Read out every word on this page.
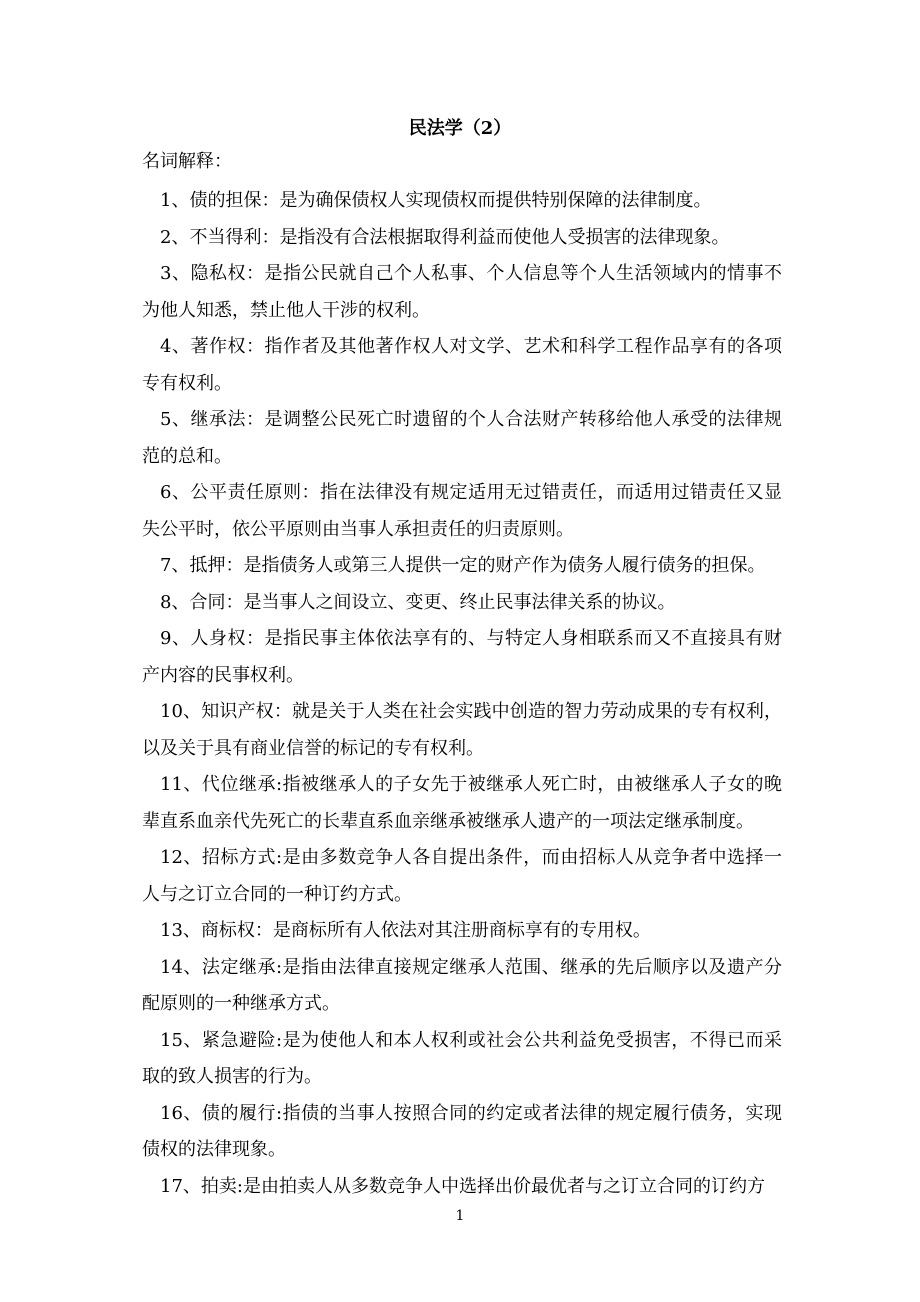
民法学（2）
名词解释：

1、债的担保：是为确保债权人实现债权而提供特别保障的法律制度。

2、不当得利：是指没有合法根据取得利益而使他人受损害的法律现象。

3、隐私权：是指公民就自己个人私事、个人信息等个人生活领域内的情事不为他人知悉，禁止他人干涉的权利。

4、著作权：指作者及其他著作权人对文学、艺术和科学工程作品享有的各项专有权利。

5、继承法：是调整公民死亡时遗留的个人合法财产转移给他人承受的法律规范的总和。

6、公平责任原则：指在法律没有规定适用无过错责任，而适用过错责任又显失公平时，依公平原则由当事人承担责任的归责原则。

7、抵押：是指债务人或第三人提供一定的财产作为债务人履行债务的担保。

8、合同：是当事人之间设立、变更、终止民事法律关系的协议。

9、人身权：是指民事主体依法享有的、与特定人身相联系而又不直接具有财产内容的民事权利。

10、知识产权：就是关于人类在社会实践中创造的智力劳动成果的专有权利，以及关于具有商业信誉的标记的专有权利。

11、代位继承:指被继承人的子女先于被继承人死亡时，由被继承人子女的晚辈直系血亲代先死亡的长辈直系血亲继承被继承人遗产的一项法定继承制度。

12、招标方式:是由多数竞争人各自提出条件，而由招标人从竞争者中选择一人与之订立合同的一种订约方式。

13、商标权：是商标所有人依法对其注册商标享有的专用权。

14、法定继承:是指由法律直接规定继承人范围、继承的先后顺序以及遗产分配原则的一种继承方式。

15、紧急避险:是为使他人和本人权利或社会公共利益免受损害，不得已而采取的致人损害的行为。

16、债的履行:指债的当事人按照合同的约定或者法律的规定履行债务，实现债权的法律现象。

17、拍卖:是由拍卖人从多数竞争人中选择出价最优者与之订立合同的订约方

1
